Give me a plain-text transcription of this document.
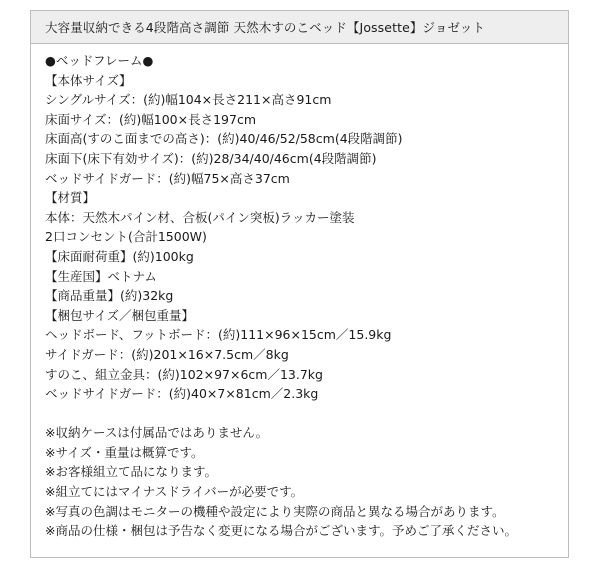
大容量収納できる4段階高さ調節 天然木すのこベッド【Jossette】ジョゼット
●ベッドフレーム●
【本体サイズ】
シングルサイズ：(約)幅104×長さ211×高さ91cm
床面サイズ：(約)幅100×長さ197cm
床面高(すのこ面までの高さ)：(約)40/46/52/58cm(4段階調節)
床面下(床下有効サイズ)：(約)28/34/40/46cm(4段階調節)
ベッドサイドガード：(約)幅75×高さ37cm
【材質】
本体：天然木パイン材、合板(パイン突板)ラッカー塗装
2口コンセント(合計1500W)
【床面耐荷重】(約)100kg
【生産国】ベトナム
【商品重量】(約)32kg
【梱包サイズ／梱包重量】
ヘッドボード、フットボード：(約)111×96×15cm／15.9kg
サイドガード：(約)201×16×7.5cm／8kg
すのこ、組立金具：(約)102×97×6cm／13.7kg
ベッドサイドガード：(約)40×7×81cm／2.3kg
※収納ケースは付属品ではありません。
※サイズ・重量は概算です。
※お客様組立て品になります。
※組立てにはマイナスドライバーが必要です。
※写真の色調はモニターの機種や設定により実際の商品と異なる場合があります。
※商品の仕様・梱包は予告なく変更になる場合がございます。予めご了承ください。
